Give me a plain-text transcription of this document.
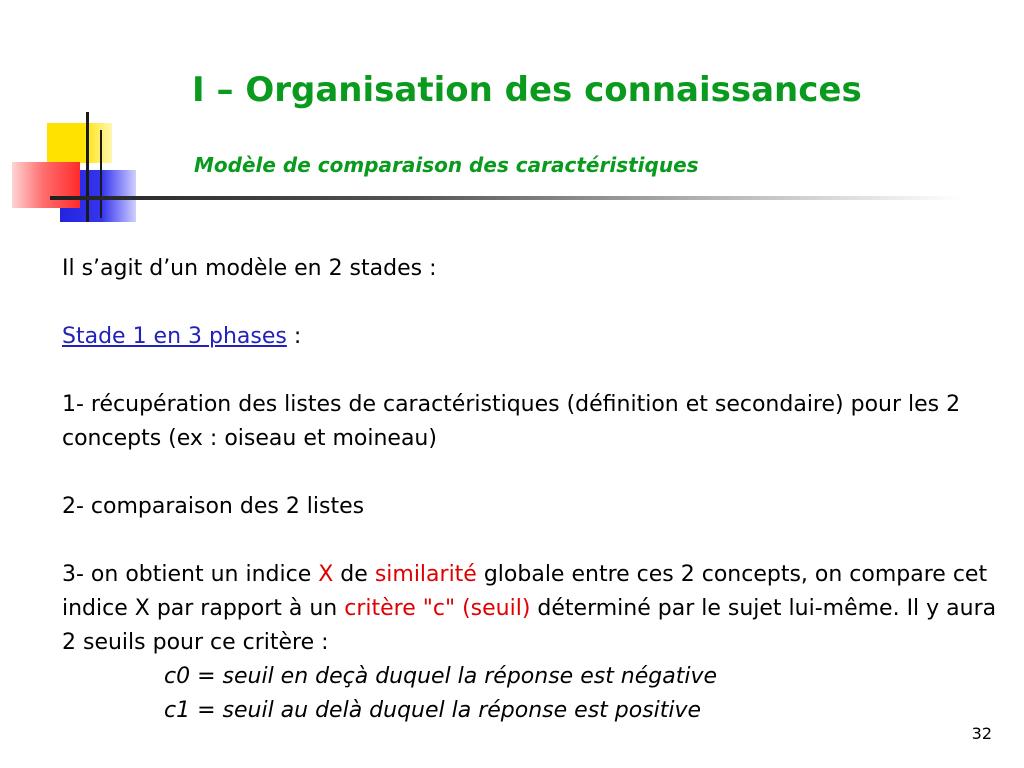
I – Organisation des connaissances
Modèle de comparaison des caractéristiques

Il s’agit d’un modèle en 2 stades :

Stade 1 en 3 phases :

1- récupération des listes de caractéristiques (définition et secondaire) pour les 2 concepts (ex : oiseau et moineau)

2- comparaison des 2 listes

3- on obtient un indice X de similarité globale entre ces 2 concepts, on compare cet indice X par rapport à un critère "c" (seuil) déterminé par le sujet lui-même. Il y aura 2 seuils pour ce critère :

c0 = seuil en deçà duquel la réponse est négative

c1 = seuil au delà duquel la réponse est positive

32
